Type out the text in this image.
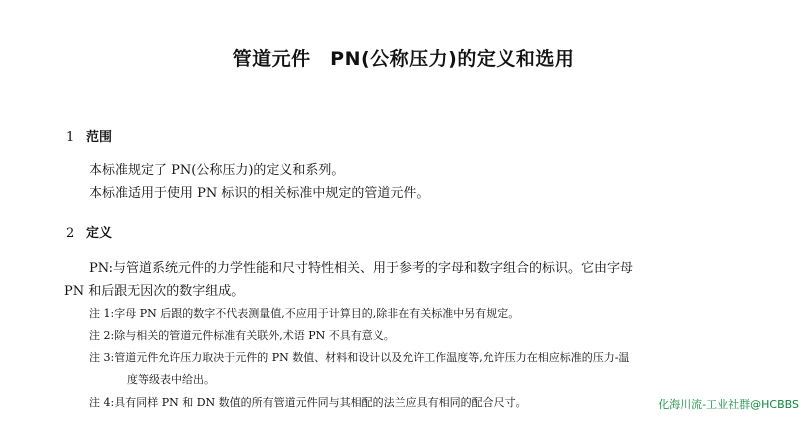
管道元件　PN(公称压力)的定义和选用
1 范围
本标准规定了 PN(公称压力)的定义和系列。
本标准适用于使用 PN 标识的相关标准中规定的管道元件。
2 定义
PN:与管道系统元件的力学性能和尺寸特性相关、用于参考的字母和数字组合的标识。它由字母
PN 和后跟无因次的数字组成。
注 1:字母 PN 后跟的数字不代表测量值,不应用于计算目的,除非在有关标准中另有规定。
注 2:除与相关的管道元件标准有关联外,术语 PN 不具有意义。
注 3:管道元件允许压力取决于元件的 PN 数值、材料和设计以及允许工作温度等,允许压力在相应标准的压力-温
度等级表中给出。
注 4:具有同样 PN 和 DN 数值的所有管道元件同与其相配的法兰应具有相同的配合尺寸。	化海川流-工业社群@HCBBS
